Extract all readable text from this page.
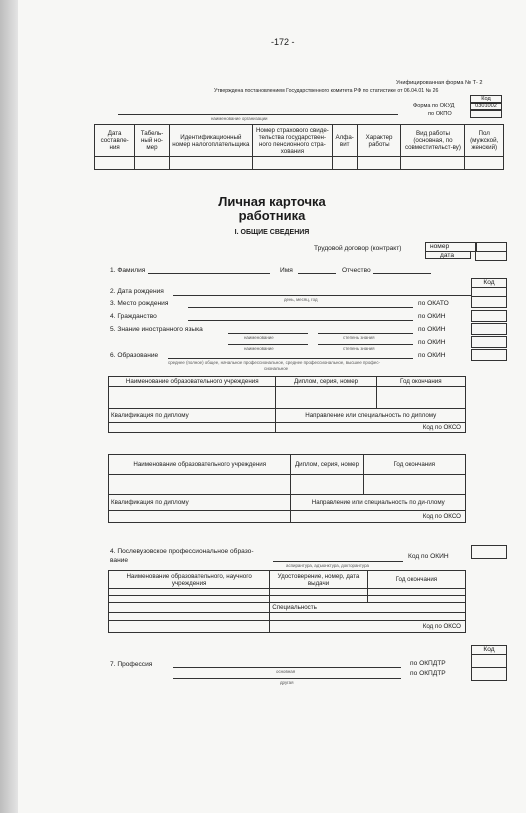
-172 -
Унифицированная форма № Т- 2
Утверждена постановлением Государственного комитета РФ по статистике от 06.04.01 № 26
Код
Форма по ОКУД	0301002
по ОКПО
наименование организации
Дата составле-ния	Табель-ный но-мер	Идентификационный номер налогоплательщика	Номер страхового свиде-тельства государствен-ного пенсионного стра-хования	Алфа-вит	Характер работы	Вид работы (основная, по совместительст-ву)	Пол (мужской, женский)

Личная карточка
работника
I. ОБЩИЕ СВЕДЕНИЯ
Трудовой договор (контракт)	номер
дата
1. Фамилия	Имя	Отчество
Код
2. Дата рождения
день, месяц, год
3. Место рождения	по ОКАТО
4. Гражданство	по ОКИН
5. Знание иностранного языка
наименование	степень знания
по ОКИН
наименование	степень знания
по ОКИН
6. Образование
среднее (полное) общее, начальное профессиональное, среднее профессиональное, высшее профес-
сиональное
по ОКИН
Наименование образовательного учреждения	Диплом, серия, номер	Год окончания

Квалификация по диплому	Направление или специальность по диплому	
	Код по ОКСО	
Наименование образовательного учреждения	Диплом, серия, номер	Год окончания

Квалификация по диплому	Направление или специальность по ди-пломy	
	Код по ОКСО	
4. Послевузовское профессиональное образо-
вание
аспирантура, адъюнктура, докторантура
Код по ОКИН
Наименование образовательного, научного учреждения	Удостоверение, номер, дата выдачи	Год окончания

	Специальность	

	Код по ОКСО	
Код
7. Профессия
основная
по ОКПДТР
другая
по ОКПДТР
